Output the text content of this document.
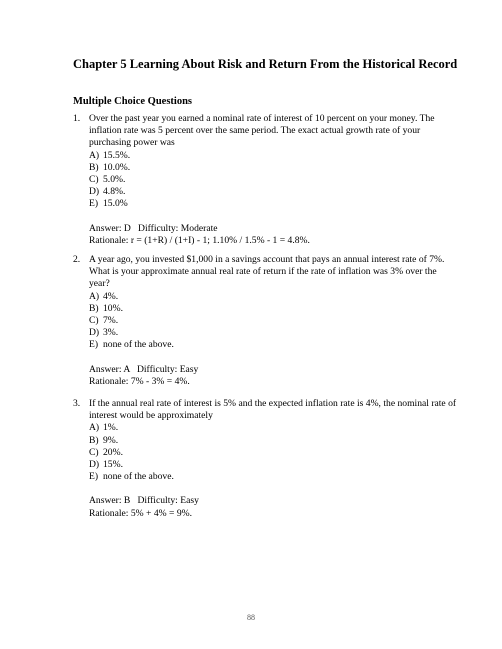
Chapter 5 Learning About Risk and Return From the Historical Record
Multiple Choice Questions
1. Over the past year you earned a nominal rate of interest of 10 percent on your money. The inflation rate was 5 percent over the same period. The exact actual growth rate of your purchasing power was

A) 15.5%.
B) 10.0%.
C) 5.0%.
D) 4.8%.
E) 15.0%
Answer: D   Difficulty: Moderate
Rationale: r = (1+R) / (1+I) - 1; 1.10% / 1.5% - 1 = 4.8%.
2. A year ago, you invested $1,000 in a savings account that pays an annual interest rate of 7%. What is your approximate annual real rate of return if the rate of inflation was 3% over the year?

A) 4%.
B) 10%.
C) 7%.
D) 3%.
E) none of the above.
Answer: A   Difficulty: Easy
Rationale: 7% - 3% = 4%.
3. If the annual real rate of interest is 5% and the expected inflation rate is 4%, the nominal rate of interest would be approximately

A) 1%.
B) 9%.
C) 20%.
D) 15%.
E) none of the above.
Answer: B   Difficulty: Easy
Rationale: 5% + 4% = 9%.
88
